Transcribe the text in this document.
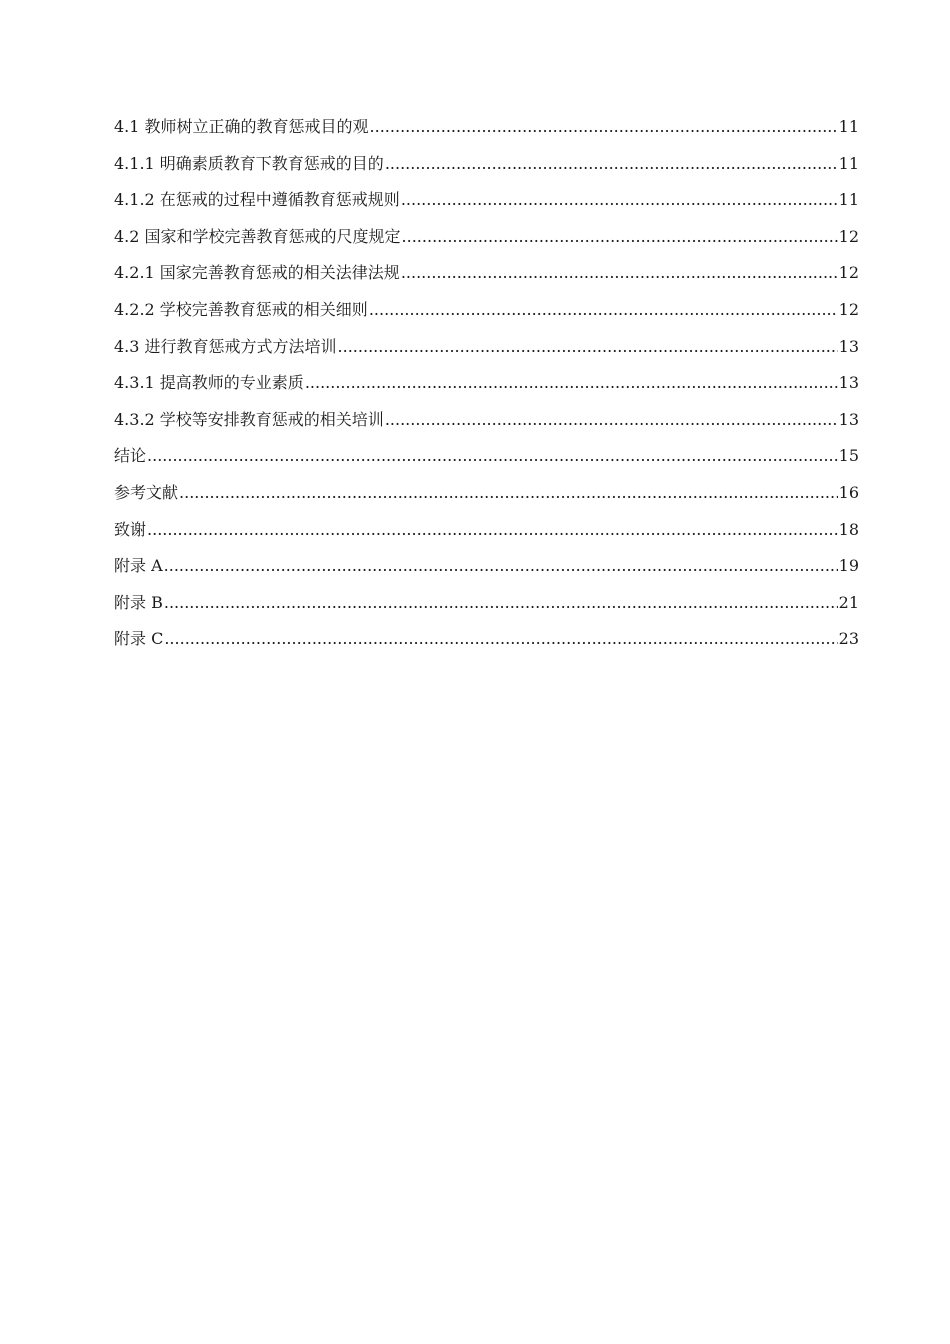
4.1 教师树立正确的教育惩戒目的观 .....	11
4.1.1 明确素质教育下教育惩戒的目的 .....	11
4.1.2 在惩戒的过程中遵循教育惩戒规则 .....	11
4.2 国家和学校完善教育惩戒的尺度规定 .....	12
4.2.1 国家完善教育惩戒的相关法律法规 .....	12
4.2.2 学校完善教育惩戒的相关细则 .....	12
4.3 进行教育惩戒方式方法培训 .....	13
4.3.1 提高教师的专业素质 .....	13
4.3.2 学校等安排教育惩戒的相关培训 .....	13
结论 .....	15
参考文献 .....	16
致谢 .....	18
附录 A .....	19
附录 B .....	21
附录 C .....	23
